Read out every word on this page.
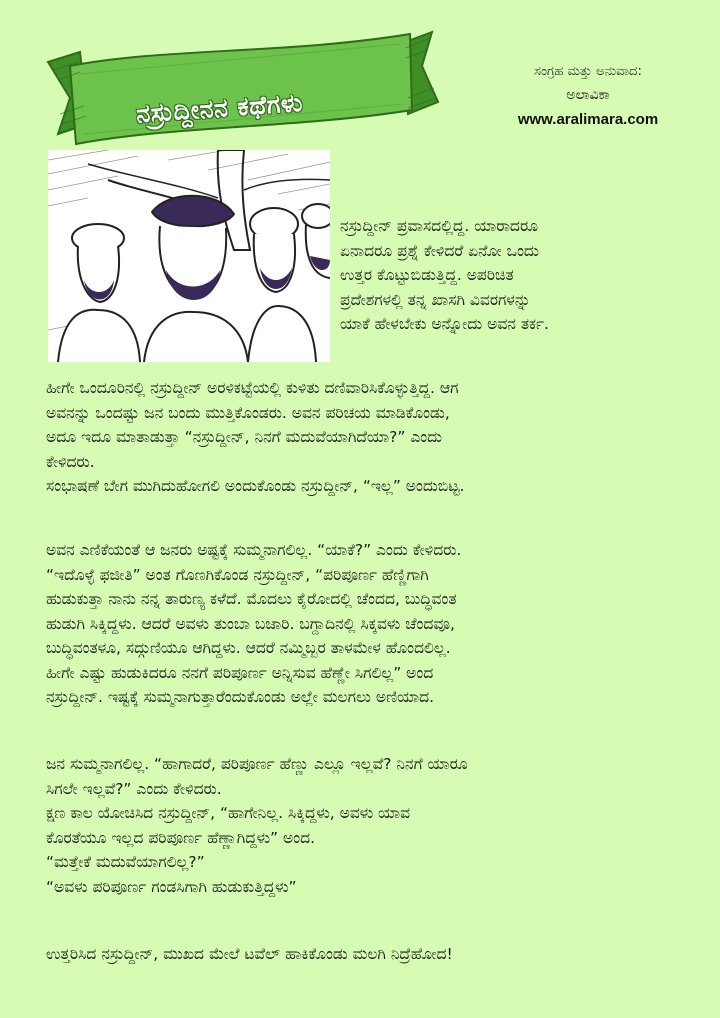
ನಸ್ರುದ್ದೀನನ ಕಥೆಗಳು
ಸಂಗ್ರಹ ಮತ್ತು ಅನುವಾದ:
ಅಲಾವಿಕಾ
www.aralimara.com

ನಸ್ರುದ್ದೀನ್ ಪ್ರವಾಸದಲ್ಲಿದ್ದ. ಯಾರಾದರೂ
ಏನಾದರೂ ಪ್ರಶ್ನೆ ಕೇಳಿದರೆ ಏನೋ ಒಂದು
ಉತ್ತರ ಕೊಟ್ಟುಬಿಡುತ್ತಿದ್ದ. ಅಪರಿಚಿತ
ಪ್ರದೇಶಗಳಲ್ಲಿ ತನ್ನ ಖಾಸಗಿ ವಿವರಗಳನ್ನು
ಯಾಕೆ ಹೇಳಬೇಕು ಅನ್ನೋದು ಅವನ ತರ್ಕ.

ಹೀಗೇ ಒಂದೂರಿನಲ್ಲಿ ನಸ್ರುದ್ದೀನ್ ಅರಳಿಕಟ್ಟೆಯಲ್ಲಿ ಕುಳಿತು ದಣಿವಾರಿಸಿಕೊಳ್ಳುತ್ತಿದ್ದ. ಆಗ
ಅವನನ್ನು ಒಂದಷ್ಟು ಜನ ಬಂದು ಮುತ್ತಿಕೊಂಡರು. ಅವನ ಪರಿಚಯ ಮಾಡಿಕೊಂಡು,
ಅದೂ ಇದೂ ಮಾತಾಡುತ್ತಾ “ನಸ್ರುದ್ದೀನ್, ನಿನಗೆ ಮದುವೆಯಾಗಿದೆಯಾ?” ಎಂದು
ಕೇಳಿದರು.
ಸಂಭಾಷಣೆ ಬೇಗ ಮುಗಿದುಹೋಗಲಿ ಅಂದುಕೊಂಡು ನಸ್ರುದ್ದೀನ್, “ಇಲ್ಲ” ಅಂದುಬಿಟ್ಟ.

ಅವನ ಎಣಿಕೆಯಂತೆ ಆ ಜನರು ಅಷ್ಟಕ್ಕೆ ಸುಮ್ಮನಾಗಲಿಲ್ಲ. “ಯಾಕೆ?” ಎಂದು ಕೇಳಿದರು.
“ಇದೊಳ್ಳೆ ಫಜೀತಿ” ಅಂತ ಗೊಣಗಿಕೊಂಡ ನಸ್ರುದ್ದೀನ್, “ಪರಿಪೂರ್ಣ ಹೆಣ್ಣಿಗಾಗಿ
ಹುಡುಕುತ್ತಾ ನಾನು ನನ್ನ ತಾರುಣ್ಯ ಕಳೆದೆ. ಮೊದಲು ಕೈರೋದಲ್ಲಿ ಚೆಂದದ, ಬುದ್ಧಿವಂತ
ಹುಡುಗಿ ಸಿಕ್ಕಿದ್ದಳು. ಆದರೆ ಅವಳು ತುಂಬಾ ಬಜಾರಿ. ಬಗ್ದಾದಿನಲ್ಲಿ ಸಿಕ್ಕವಳು ಚೆಂದವೂ,
ಬುದ್ಧಿವಂತಳೂ, ಸದ್ಗುಣಿಯೂ ಆಗಿದ್ದಳು. ಆದರೆ ನಮ್ಮಿಬ್ಬರ ತಾಳಮೇಳ ಹೊಂದಲಿಲ್ಲ.
ಹೀಗೇ ಎಷ್ಟು ಹುಡುಕಿದರೂ ನನಗೆ ಪರಿಪೂರ್ಣ ಅನ್ನಿಸುವ ಹೆಣ್ಣೇ ಸಿಗಲಿಲ್ಲ” ಅಂದ
ನಸ್ರುದ್ದೀನ್. ಇಷ್ಟಕ್ಕೆ ಸುಮ್ಮನಾಗುತ್ತಾರೆಂದುಕೊಂಡು ಅಲ್ಲೇ ಮಲಗಲು ಅಣಿಯಾದ.

ಜನ ಸುಮ್ಮನಾಗಲಿಲ್ಲ. “ಹಾಗಾದರೆ, ಪರಿಪೂರ್ಣ ಹೆಣ್ಣು ಎಲ್ಲೂ ಇಲ್ಲವೆ? ನಿನಗೆ ಯಾರೂ
ಸಿಗಲೇ ಇಲ್ಲವೆ?” ಎಂದು ಕೇಳಿದರು.
ಕ್ಷಣ ಕಾಲ ಯೋಚಿಸಿದ ನಸ್ರುದ್ದೀನ್, “ಹಾಗೇನಿಲ್ಲ. ಸಿಕ್ಕಿದ್ದಳು, ಅವಳು ಯಾವ
ಕೊರತೆಯೂ ಇಲ್ಲದ ಪರಿಪೂರ್ಣ ಹೆಣ್ಣಾಗಿದ್ದಳು” ಅಂದ.
“ಮತ್ತೇಕೆ ಮದುವೆಯಾಗಲಿಲ್ಲ?”
“ಅವಳು ಪರಿಪೂರ್ಣ ಗಂಡಸಿಗಾಗಿ ಹುಡುಕುತ್ತಿದ್ದಳು”

ಉತ್ತರಿಸಿದ ನಸ್ರುದ್ದೀನ್, ಮುಖದ ಮೇಲೆ ಟವೆಲ್ ಹಾಕಿಕೊಂಡು ಮಲಗಿ ನಿದ್ರೆಹೋದ!
